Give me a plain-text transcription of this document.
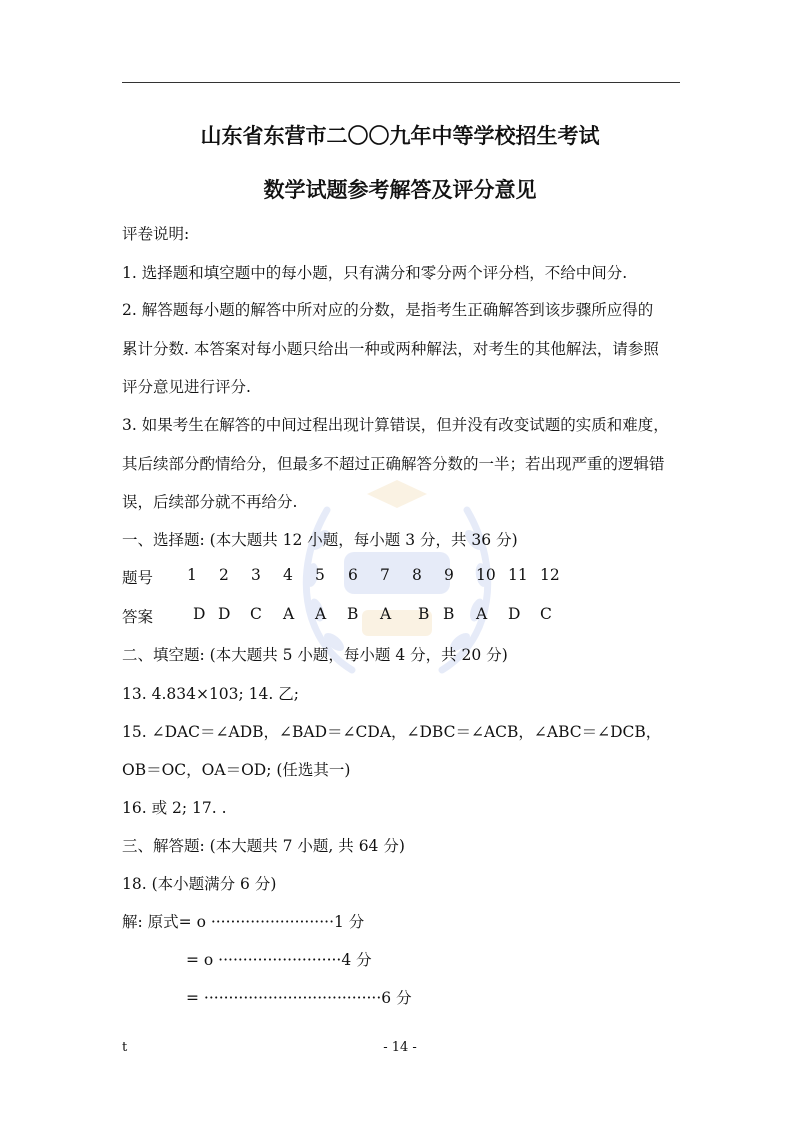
山东省东营市二〇〇九年中等学校招生考试
数学试题参考解答及评分意见
评卷说明:
1. 选择题和填空题中的每小题，只有满分和零分两个评分档，不给中间分.
2. 解答题每小题的解答中所对应的分数，是指考生正确解答到该步骤所应得的
累计分数. 本答案对每小题只给出一种或两种解法，对考生的其他解法，请参照
评分意见进行评分.
3. 如果考生在解答的中间过程出现计算错误，但并没有改变试题的实质和难度，
其后续部分酌情给分，但最多不超过正确解答分数的一半；若出现严重的逻辑错
误，后续部分就不再给分.
一、选择题: (本大题共 12 小题，每小题 3 分，共 36 分)
题号 1 2 3 4 5 6 7 8 9 10 11 12
答案	D D C A A B A B B A D C
二、填空题: (本大题共 5 小题，每小题 4 分，共 20 分)
13. 4.834×103; 14. 乙;
15. ∠DAC＝∠ADB，∠BAD＝∠CDA，∠DBC＝∠ACB，∠ABC＝∠DCB，
OB＝OC，OA＝OD; (任选其一)
16. 或 2; 17. .
三、解答题: (本大题共 7 小题, 共 64 分)
18. (本小题满分 6 分)
解: 原式= o ·························1 分
= o ·························4 分
= ····································6 分
t	- 14 -
